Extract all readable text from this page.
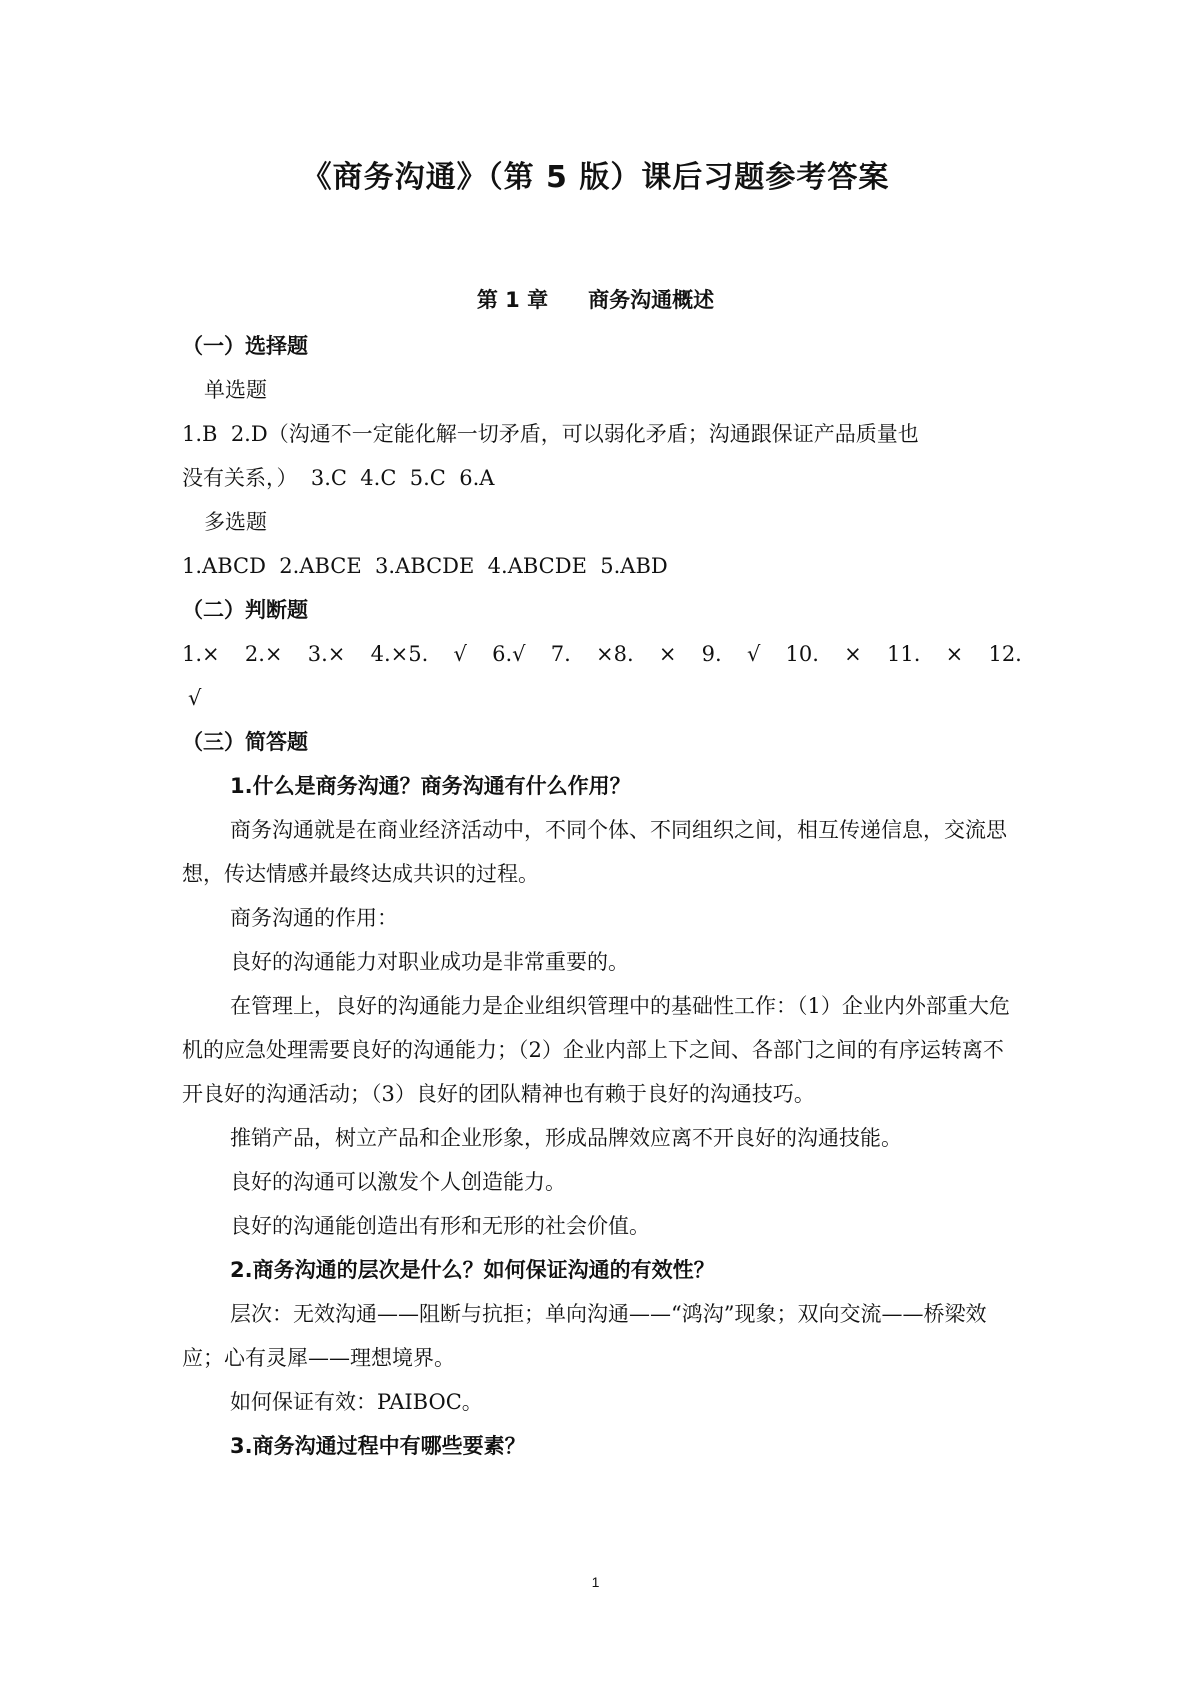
《商务沟通》（第 5 版）课后习题参考答案
第 1 章 商务沟通概述
（一）选择题
单选题
1.B  2.D（沟通不一定能化解一切矛盾，可以弱化矛盾；沟通跟保证产品质量也
没有关系，）  3.C  4.C  5.C  6.A
多选题
1.ABCD  2.ABCE  3.ABCDE  4.ABCDE  5.ABD
（二）判断题
1.× 2.× 3.× 4.×5. √ 6.√ 7. ×8. × 9. √ 10. × 11. × 12.
√
（三）简答题
1.什么是商务沟通？商务沟通有什么作用？
商务沟通就是在商业经济活动中，不同个体、不同组织之间，相互传递信息，交流思想，传达情感并最终达成共识的过程。
商务沟通的作用：
良好的沟通能力对职业成功是非常重要的。
在管理上，良好的沟通能力是企业组织管理中的基础性工作：（1）企业内外部重大危机的应急处理需要良好的沟通能力；（2）企业内部上下之间、各部门之间的有序运转离不开良好的沟通活动；（3）良好的团队精神也有赖于良好的沟通技巧。
推销产品，树立产品和企业形象，形成品牌效应离不开良好的沟通技能。
良好的沟通可以激发个人创造能力。
良好的沟通能创造出有形和无形的社会价值。
2.商务沟通的层次是什么？如何保证沟通的有效性？
层次：无效沟通——阻断与抗拒；单向沟通——“鸿沟”现象；双向交流——桥梁效应；心有灵犀——理想境界。
如何保证有效：PAIBOC。
3.商务沟通过程中有哪些要素？
1
